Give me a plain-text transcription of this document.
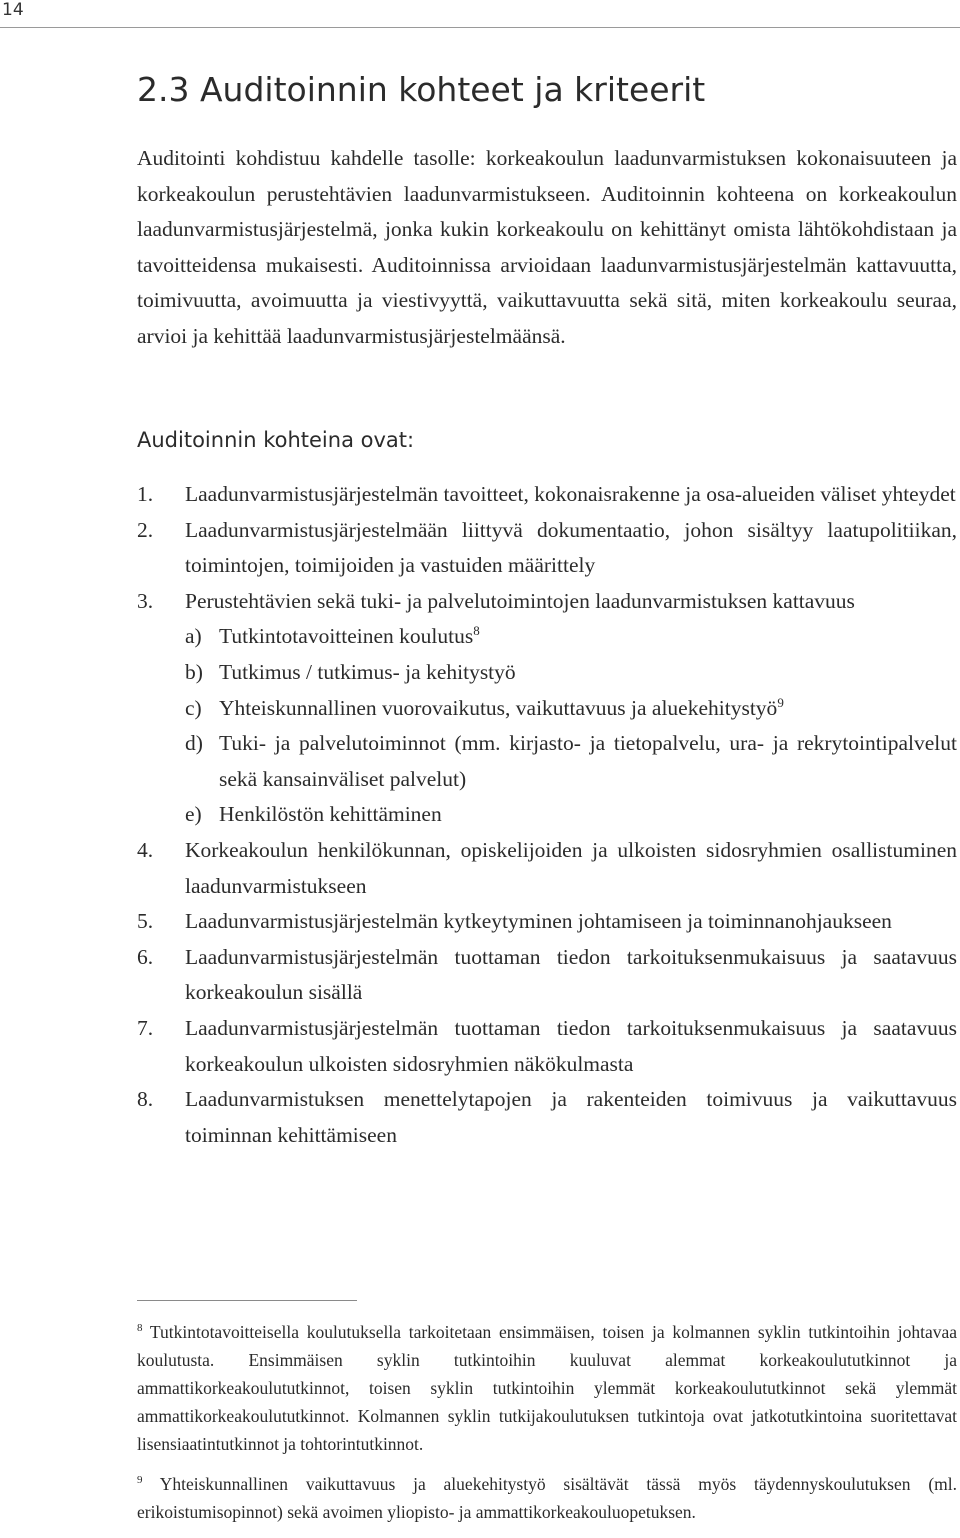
14
2.3 Auditoinnin kohteet ja kriteerit

Auditointi kohdistuu kahdelle tasolle: korkeakoulun laadunvarmistuksen kokonaisuuteen ja korkeakoulun perustehtävien laadunvarmistukseen. Auditoinnin kohteena on korkeakoulun laadunvarmistusjärjestelmä, jonka kukin korkeakoulu on kehittänyt omista lähtökohdistaan ja tavoitteidensa mukaisesti. Auditoinnissa arvioidaan laadunvarmistusjärjestelmän kattavuutta, toimivuutta, avoimuutta ja viestivyyttä, vaikuttavuutta sekä sitä, miten korkeakoulu seuraa, arvioi ja kehittää laadunvarmistusjärjestelmäänsä.

Auditoinnin kohteina ovat:
1.	Laadunvarmistusjärjestelmän tavoitteet, kokonaisrakenne ja osa-alueiden väliset yhteydet
2.	Laadunvarmistusjärjestelmään liittyvä dokumentaatio, johon sisältyy laatupolitiikan, toimintojen, toimijoiden ja vastuiden määrittely
3.	Perustehtävien sekä tuki- ja palvelutoimintojen laadunvarmistuksen kattavuus
a) Tutkintotavoitteinen koulutus$^8$
b) Tutkimus / tutkimus- ja kehitystyö
c) Yhteiskunnallinen vuorovaikutus, vaikuttavuus ja aluekehitystyö$^9$
d) Tuki- ja palvelutoiminnot (mm. kirjasto- ja tietopalvelu, ura- ja rekrytointipalvelut sekä kansainväliset palvelut)
e) Henkilöstön kehittäminen
4.	Korkeakoulun henkilökunnan, opiskelijoiden ja ulkoisten sidosryhmien osallistuminen laadunvarmistukseen
5.	Laadunvarmistusjärjestelmän kytkeytyminen johtamiseen ja toiminnanohjaukseen
6.	Laadunvarmistusjärjestelmän tuottaman tiedon tarkoituksenmukaisuus ja saatavuus korkeakoulun sisällä
7.	Laadunvarmistusjärjestelmän tuottaman tiedon tarkoituksenmukaisuus ja saatavuus korkeakoulun ulkoisten sidosryhmien näkökulmasta
8.	Laadunvarmistuksen menettelytapojen ja rakenteiden toimivuus ja vaikuttavuus toiminnan kehittämiseen

$^8$ Tutkintotavoitteisella koulutuksella tarkoitetaan ensimmäisen, toisen ja kolmannen syklin tutkintoihin johtavaa koulutusta. Ensimmäisen syklin tutkintoihin kuuluvat alemmat korkeakoulututkinnot ja ammattikorkeakoulututkinnot, toisen syklin tutkintoihin ylemmät korkeakoulututkinnot sekä ylemmät ammattikorkeakoulututkinnot. Kolmannen syklin tutkijakoulutuksen tutkintoja ovat jatkotutkintoina suoritettavat lisensiaatintutkinnot ja tohtorintutkinnot.

$^9$ Yhteiskunnallinen vaikuttavuus ja aluekehitystyö sisältävät tässä myös täydennyskoulutuksen (ml. erikoistumisopinnot) sekä avoimen yliopisto- ja ammattikorkeakouluopetuksen.
